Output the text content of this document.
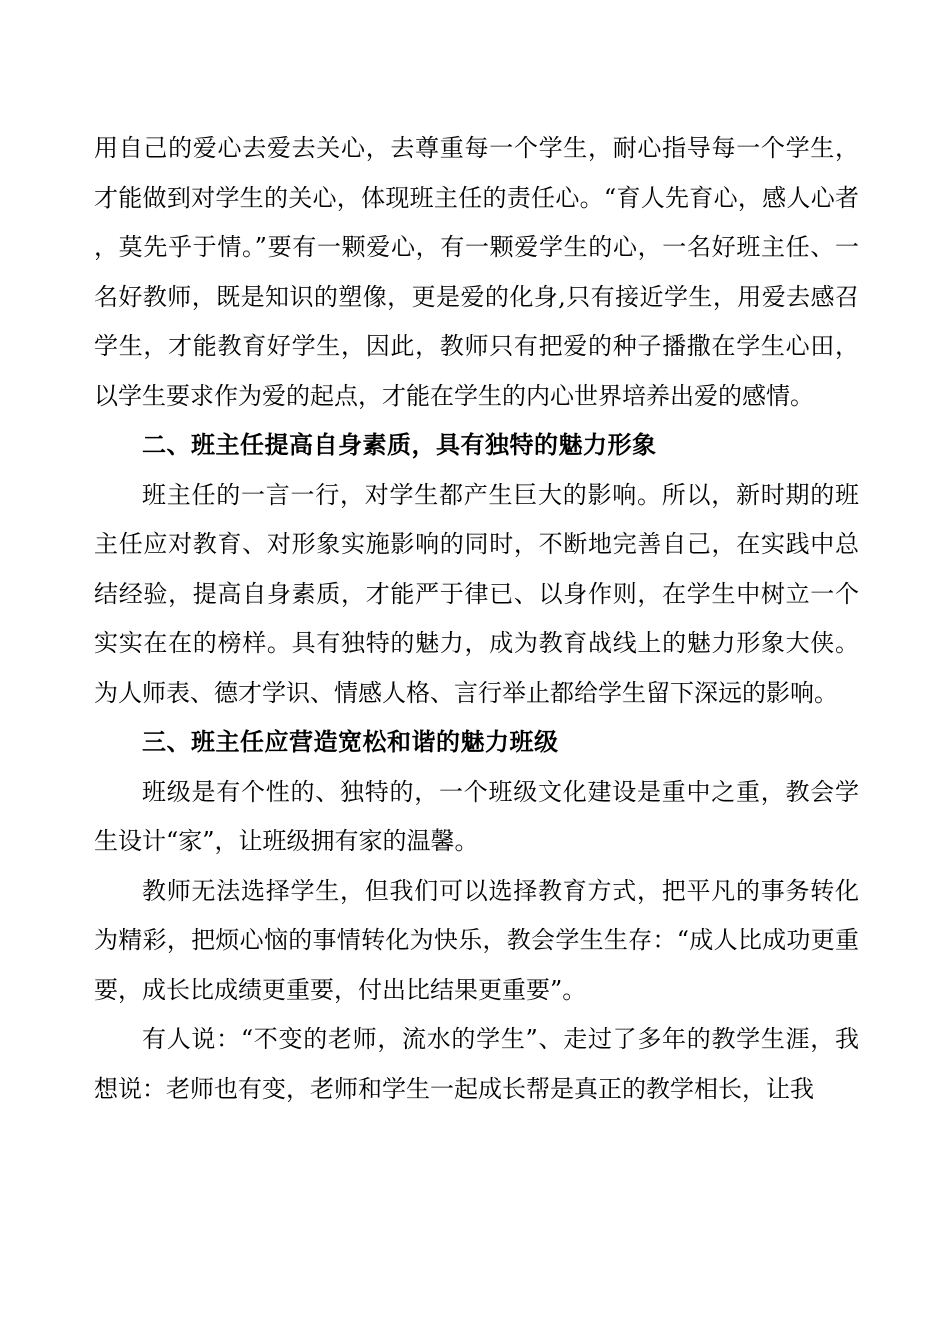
用自己的爱心去爱去关心，去尊重每一个学生，耐心指导每一个学生，才能做到对学生的关心，体现班主任的责任心。“育人先育心，感人心者，莫先乎于情。”要有一颗爱心，有一颗爱学生的心，一名好班主任、一名好教师，既是知识的塑像，更是爱的化身,只有接近学生，用爱去感召学生，才能教育好学生，因此，教师只有把爱的种子播撒在学生心田，以学生要求作为爱的起点，才能在学生的内心世界培养出爱的感情。

二、班主任提高自身素质，具有独特的魅力形象

班主任的一言一行，对学生都产生巨大的影响。所以，新时期的班主任应对教育、对形象实施影响的同时，不断地完善自己，在实践中总结经验，提高自身素质，才能严于律已、以身作则，在学生中树立一个实实在在的榜样。具有独特的魅力，成为教育战线上的魅力形象大侠。为人师表、德才学识、情感人格、言行举止都给学生留下深远的影响。

三、班主任应营造宽松和谐的魅力班级

班级是有个性的、独特的，一个班级文化建设是重中之重，教会学生设计“家”，让班级拥有家的温馨。

教师无法选择学生，但我们可以选择教育方式，把平凡的事务转化为精彩，把烦心恼的事情转化为快乐，教会学生生存：“成人比成功更重要，成长比成绩更重要，付出比结果更重要”。

有人说：“不变的老师，流水的学生”、走过了多年的教学生涯，我想说：老师也有变，老师和学生一起成长帮是真正的教学相长，让我
